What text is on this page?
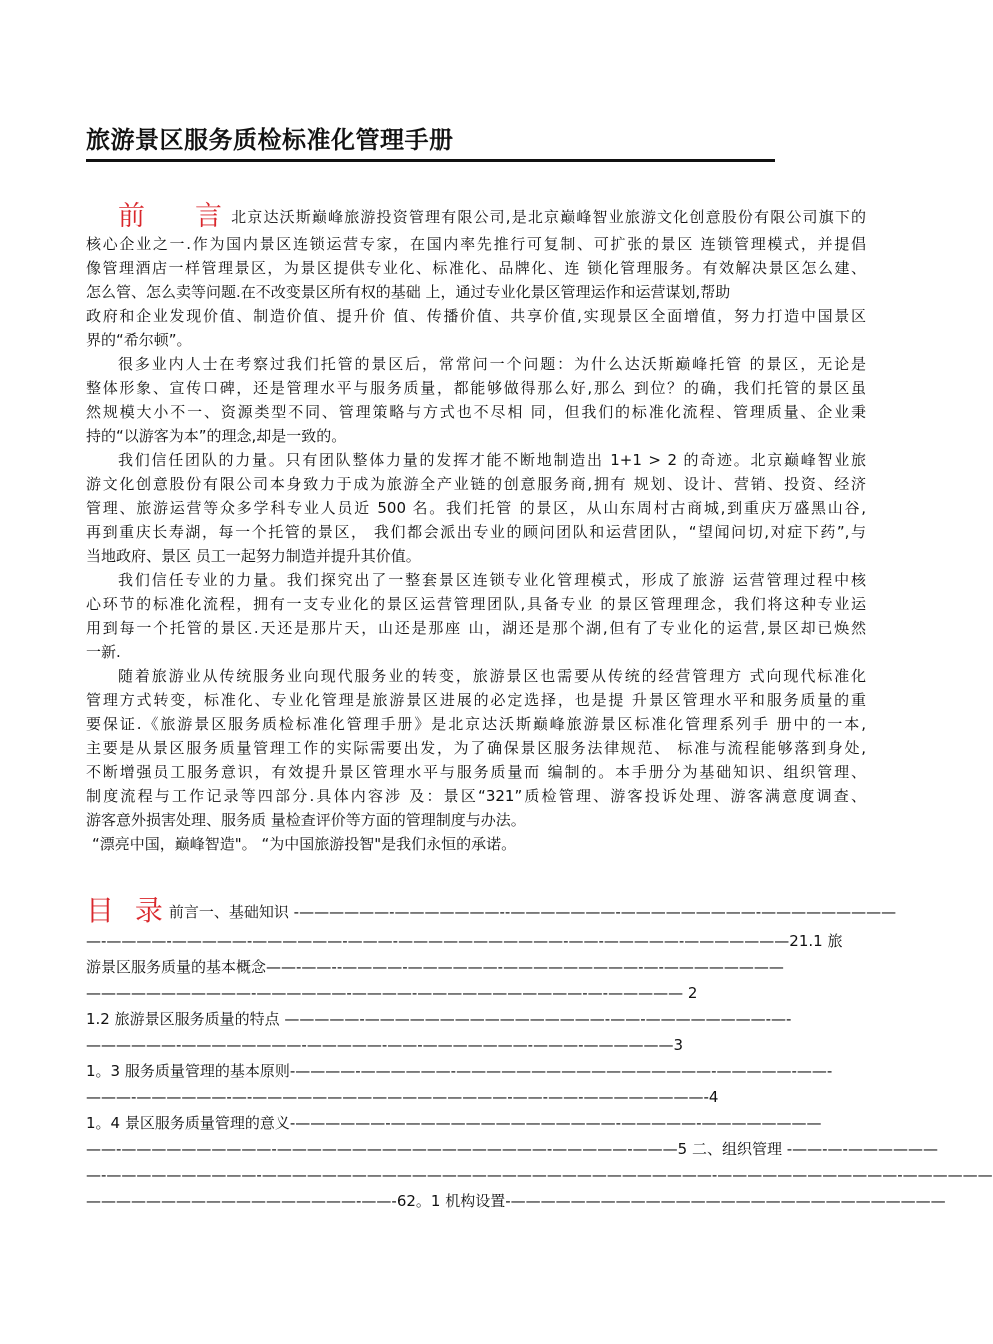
旅游景区服务质检标准化管理手册
前 言北京达沃斯巅峰旅游投资管理有限公司,是北京巅峰智业旅游文化创意股份有限公司旗下的
核心企业之一.作为国内景区连锁运营专家，在国内率先推行可复制、可扩张的景区 连锁管理模式，并提倡
像管理酒店一样管理景区，为景区提供专业化、标准化、品牌化、连 锁化管理服务。有效解决景区怎么建、
怎么管、怎么卖等问题.在不改变景区所有权的基础 上，通过专业化景区管理运作和运营谋划,帮助
政府和企业发现价值、制造价值、提升价 值、传播价值、共享价值,实现景区全面增值，努力打造中国景区
界的“希尔顿”。
很多业内人士在考察过我们托管的景区后，常常问一个问题：为什么达沃斯巅峰托管 的景区，无论是
整体形象、宣传口碑，还是管理水平与服务质量，都能够做得那么好,那么 到位？的确，我们托管的景区虽
然规模大小不一、资源类型不同、管理策略与方式也不尽相 同，但我们的标准化流程、管理质量、企业秉
持的“以游客为本”的理念,却是一致的。
我们信任团队的力量。只有团队整体力量的发挥才能不断地制造出 1+1 > 2 的奇迹。北京巅峰智业旅
游文化创意股份有限公司本身致力于成为旅游全产业链的创意服务商,拥有 规划、设计、营销、投资、经济
管理、旅游运营等众多学科专业人员近 500 名。我们托管 的景区，从山东周村古商城,到重庆万盛黑山谷,
再到重庆长寿湖，每一个托管的景区， 我们都会派出专业的顾问团队和运营团队，“望闻问切,对症下药”,与
当地政府、景区 员工一起努力制造并提升其价值。
我们信任专业的力量。我们探究出了一整套景区连锁专业化管理模式，形成了旅游 运营管理过程中核
心环节的标准化流程，拥有一支专业化的景区运营管理团队,具备专业 的景区管理理念，我们将这种专业运
用到每一个托管的景区.天还是那片天，山还是那座 山，湖还是那个湖,但有了专业化的运营,景区却已焕然
一新.
随着旅游业从传统服务业向现代服务业的转变，旅游景区也需要从传统的经营管理方 式向现代标准化
管理方式转变，标准化、专业化管理是旅游景区进展的必定选择，也是提 升景区管理水平和服务质量的重
要保证.《旅游景区服务质检标准化管理手册》是北京达沃斯巅峰旅游景区标准化管理系列手 册中的一本,
主要是从景区服务质量管理工作的实际需要出发，为了确保景区服务法律规范、 标准与流程能够落到身处,
不断增强员工服务意识，有效提升景区管理水平与服务质量而 编制的。本手册分为基础知识、组织管理、
制度流程与工作记录等四部分.具体内容涉 及：景区“321”质检管理、游客投诉处理、游客满意度调查、
游客意外损害处理、服务质 量检查评价等方面的管理制度与办法。
“漂亮中国，巅峰智造"。 “为中国旅游投智"是我们永恒的承诺。
目 录前言一、基础知识 -——————-———————--———————-—————————-—————————
—-————-—————-——————-———-———————————-——-—————-———————21.1 旅
游景区服务质量的基本概念——-——--————-——————-—————————-—-————————
———————————-——————-————-———————————-—-————— 2
1.2 旅游景区服务质量的特点 —————-————————————————-——-————————-—-
——————-————————-—————-——-———————-———-——————3
1。3 服务质量管理的基本原则-————-——————-—————————————————-—————-——-
———-——————-—-—————————————————-——-——-————————-4
1。4 景区服务质量管理的意义-——————-———————————————-—————-————————
——-——————————-——————————————————-—————-———5 二、组织管理 -——-—-——————
—-——————————-——————————————————————————————-————————————-——————
——————————————————-——-62。1 机构设置-—————————————————————————————
